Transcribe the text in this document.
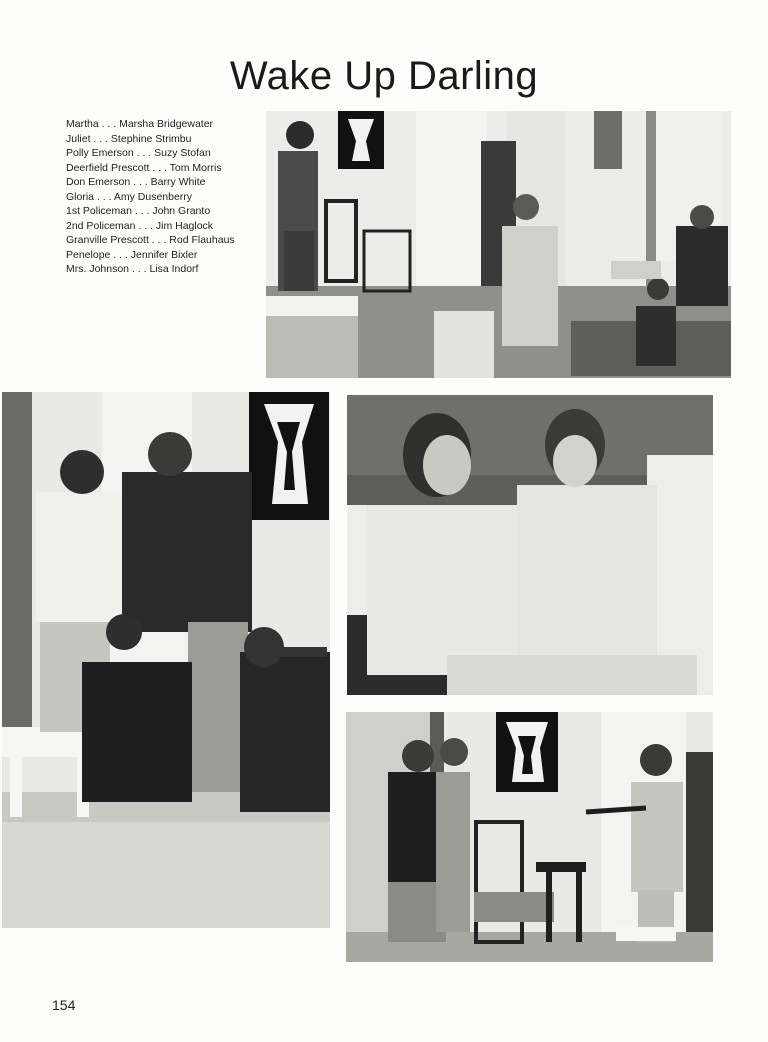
Wake Up Darling
Martha . . . Marsha Bridgewater
Juliet . . . Stephine Strimbu
Polly Emerson . . . Suzy Stofan
Deerfield Prescott . . . Tom Morris
Don Emerson . . . Barry White
Gloria . . . Amy Dusenberry
1st Policeman . . . John Granto
2nd Policeman . . . Jim Haglock
Granville Prescott . . . Rod Flauhaus
Penelope . . . Jennifer Bixler
Mrs. Johnson . . . Lisa Indorf
154
